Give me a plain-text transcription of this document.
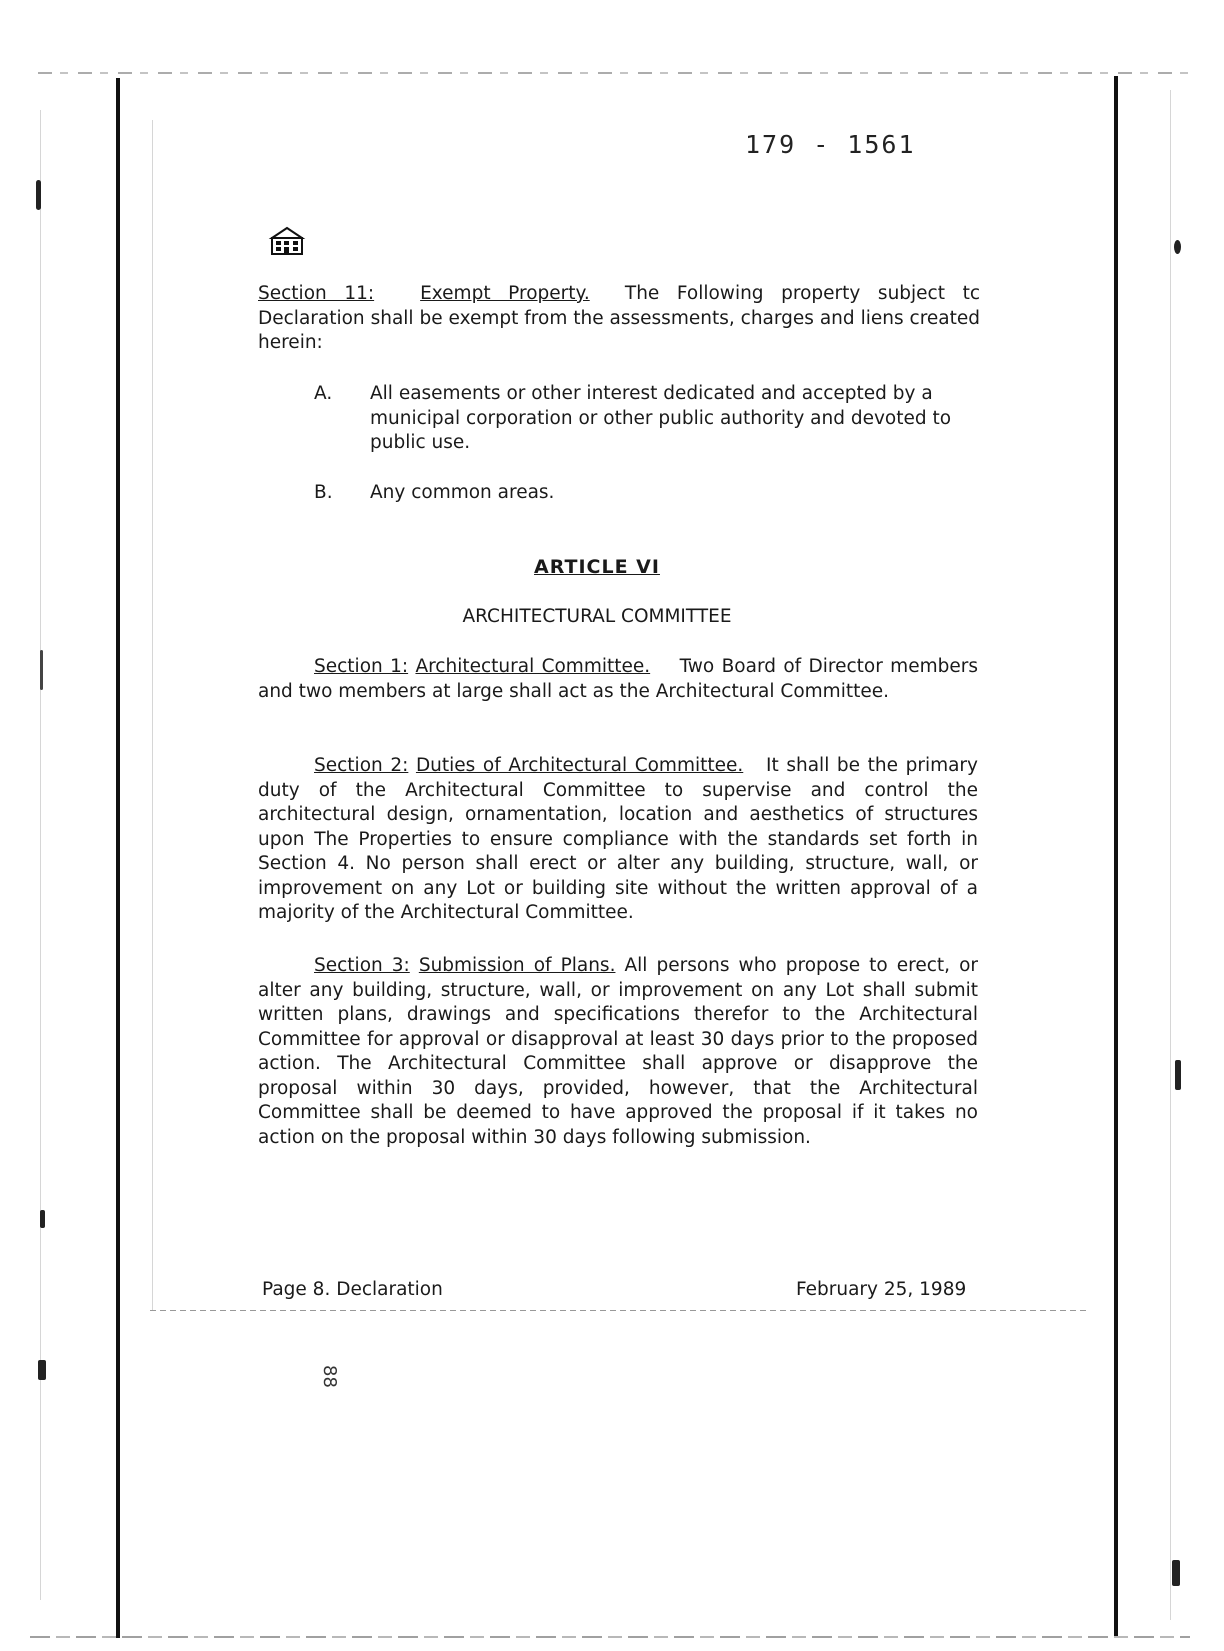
179 - 1561
Section 11: Exempt Property. The Following property subject tc Declaration shall be exempt from the assessments, charges and liens created herein:
A.	All easements or other interest dedicated and accepted by a municipal corporation or other public authority and devoted to public use.
B.	Any common areas.
ARTICLE VI
ARCHITECTURAL COMMITTEE
Section 1: Architectural Committee. Two Board of Director members and two members at large shall act as the Architectural Committee.
Section 2: Duties of Architectural Committee. It shall be the primary duty of the Architectural Committee to supervise and control the architectural design, ornamentation, location and aesthetics of structures upon The Properties to ensure compliance with the standards set forth in Section 4. No person shall erect or alter any building, structure, wall, or improvement on any Lot or building site without the written approval of a majority of the Architectural Committee.
Section 3: Submission of Plans. All persons who propose to erect, or alter any building, structure, wall, or improvement on any Lot shall submit written plans, drawings and specifications therefor to the Architectural Committee for approval or disapproval at least 30 days prior to the proposed action. The Architectural Committee shall approve or disapprove the proposal within 30 days, provided, however, that the Architectural Committee shall be deemed to have approved the proposal if it takes no action on the proposal within 30 days following submission.
Page 8. Declaration	February 25, 1989
88
